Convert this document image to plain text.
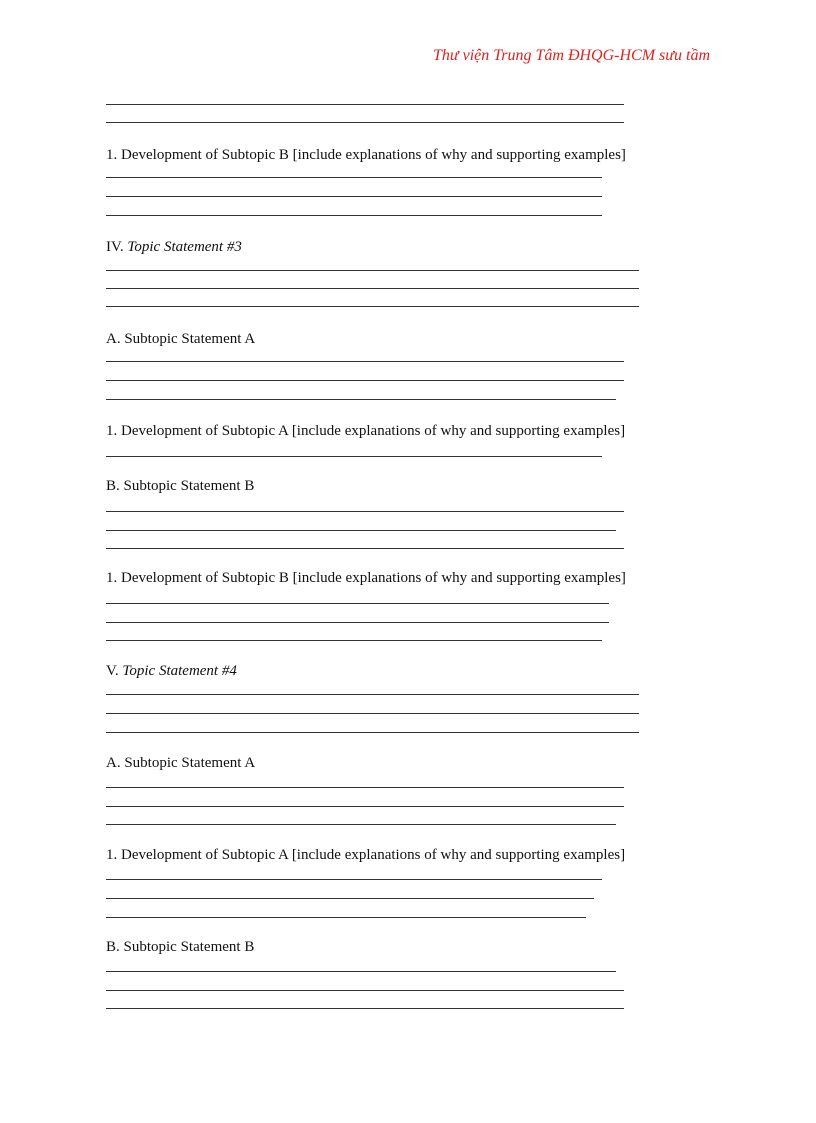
Thư viện Trung Tâm ĐHQG-HCM sưu tầm
1. Development of Subtopic B [include explanations of why and supporting examples]
IV. Topic Statement #3
A. Subtopic Statement A
1. Development of Subtopic A [include explanations of why and supporting examples]
B. Subtopic Statement B
1. Development of Subtopic B [include explanations of why and supporting examples]
V. Topic Statement #4
A. Subtopic Statement A
1. Development of Subtopic A [include explanations of why and supporting examples]
B. Subtopic Statement B
